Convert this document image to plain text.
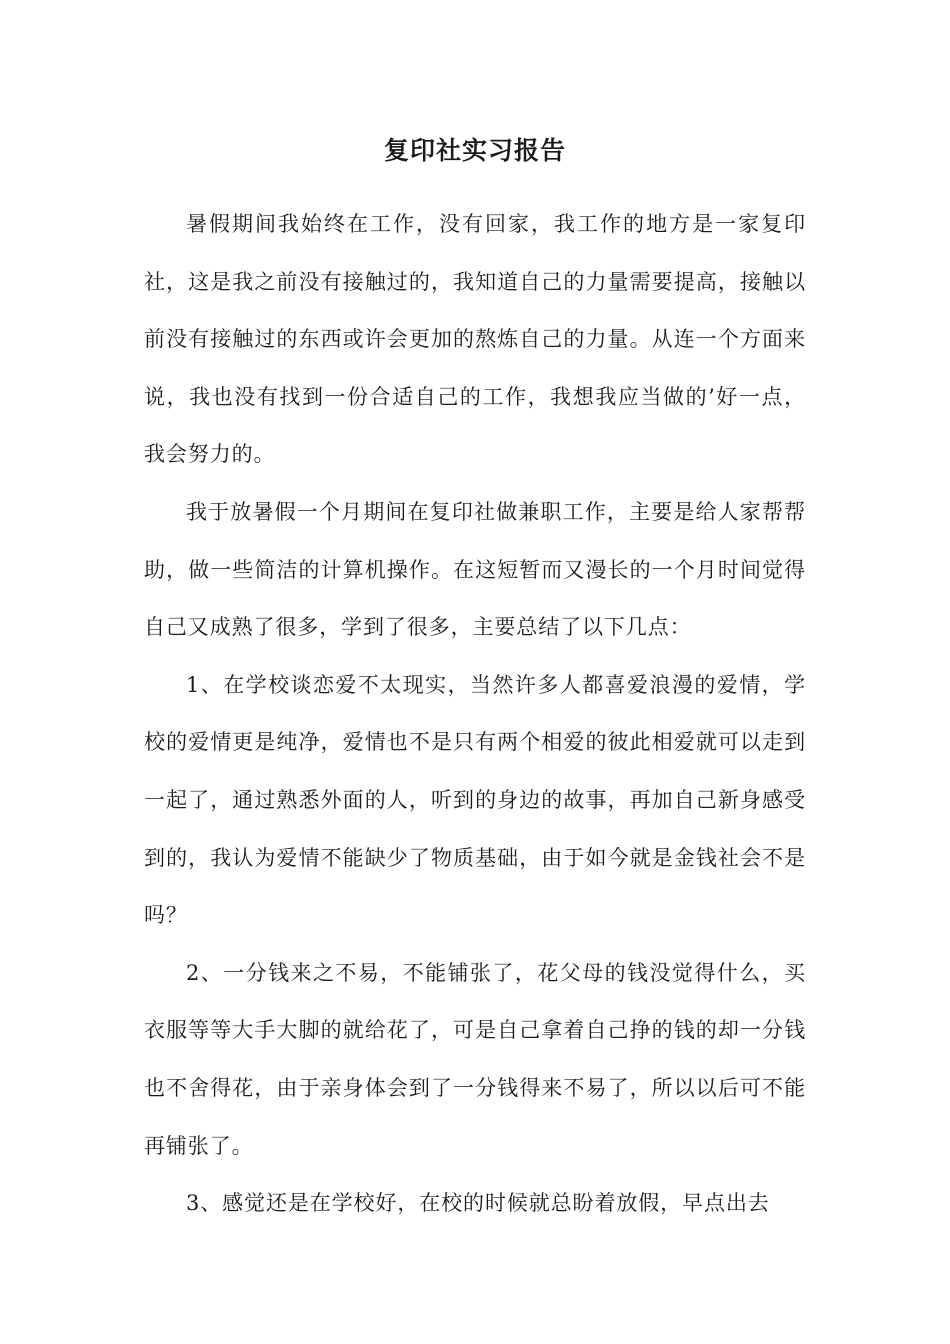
复印社实习报告

暑假期间我始终在工作，没有回家，我工作的地方是一家复印社，这是我之前没有接触过的，我知道自己的力量需要提高，接触以前没有接触过的东西或许会更加的熬炼自己的力量。从连一个方面来说，我也没有找到一份合适自己的工作，我想我应当做的’好一点，我会努力的。

我于放暑假一个月期间在复印社做兼职工作，主要是给人家帮帮助，做一些简洁的计算机操作。在这短暂而又漫长的一个月时间觉得自己又成熟了很多，学到了很多，主要总结了以下几点：

1、在学校谈恋爱不太现实，当然许多人都喜爱浪漫的爱情，学校的爱情更是纯净，爱情也不是只有两个相爱的彼此相爱就可以走到一起了，通过熟悉外面的人，听到的身边的故事，再加自己新身感受到的，我认为爱情不能缺少了物质基础，由于如今就是金钱社会不是吗？

2、一分钱来之不易，不能铺张了，花父母的钱没觉得什么，买衣服等等大手大脚的就给花了，可是自己拿着自己挣的钱的却一分钱也不舍得花，由于亲身体会到了一分钱得来不易了，所以以后可不能再铺张了。

3、感觉还是在学校好，在校的时候就总盼着放假，早点出去
